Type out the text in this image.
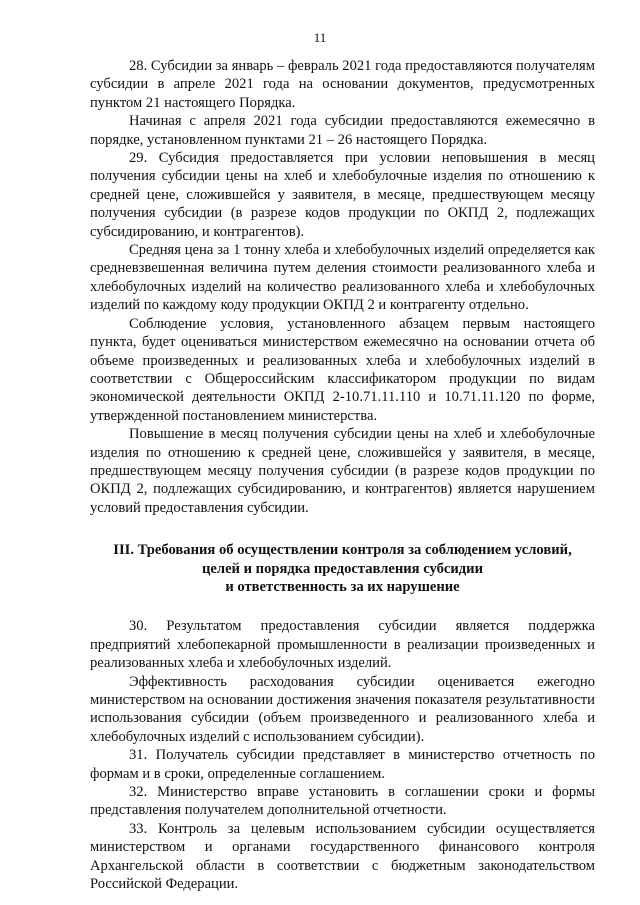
11

28. Субсидии за январь – февраль 2021 года предоставляются получателям субсидии в апреле 2021 года на основании документов, предусмотренных пунктом 21 настоящего Порядка.

Начиная с апреля 2021 года субсидии предоставляются ежемесячно в порядке, установленном пунктами 21 – 26 настоящего Порядка.

29. Субсидия предоставляется при условии неповышения в месяц получения субсидии цены на хлеб и хлебобулочные изделия по отношению к средней цене, сложившейся у заявителя, в месяце, предшествующем месяцу получения субсидии (в разрезе кодов продукции по ОКПД 2, подлежащих субсидированию, и контрагентов).

Средняя цена за 1 тонну хлеба и хлебобулочных изделий определяется как средневзвешенная величина путем деления стоимости реализованного хлеба и хлебобулочных изделий на количество реализованного хлеба и хлебобулочных изделий по каждому коду продукции ОКПД 2 и контрагенту отдельно.

Соблюдение условия, установленного абзацем первым настоящего пункта, будет оцениваться министерством ежемесячно на основании отчета об объеме произведенных и реализованных хлеба и хлебобулочных изделий в соответствии с Общероссийским классификатором продукции по видам экономической деятельности ОКПД 2-10.71.11.110 и 10.71.11.120 по форме, утвержденной постановлением министерства.

Повышение в месяц получения субсидии цены на хлеб и хлебобулочные изделия по отношению к средней цене, сложившейся у заявителя, в месяце, предшествующем месяцу получения субсидии (в разрезе кодов продукции по ОКПД 2, подлежащих субсидированию, и контрагентов) является нарушением условий предоставления субсидии.

III. Требования об осуществлении контроля за соблюдением условий,
целей и порядка предоставления субсидии
и ответственность за их нарушение

30. Результатом предоставления субсидии является поддержка предприятий хлебопекарной промышленности в реализации произведенных и реализованных хлеба и хлебобулочных изделий.

Эффективность расходования субсидии оценивается ежегодно министерством на основании достижения значения показателя результативности использования субсидии (объем произведенного и реализованного хлеба и хлебобулочных изделий с использованием субсидии).

31. Получатель субсидии представляет в министерство отчетность по формам и в сроки, определенные соглашением.

32. Министерство вправе установить в соглашении сроки и формы представления получателем дополнительной отчетности.

33. Контроль за целевым использованием субсидии осуществляется министерством и органами государственного финансового контроля Архангельской области в соответствии с бюджетным законодательством Российской Федерации.
